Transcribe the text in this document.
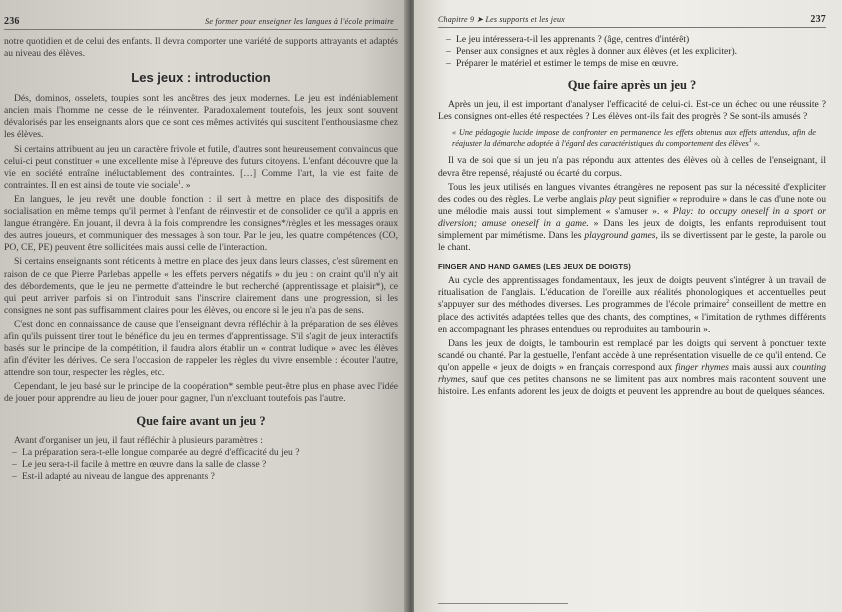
236	Se former pour enseigner les langues à l'école primaire

notre quotidien et de celui des enfants. Il devra comporter une variété de supports attrayants et adaptés au niveau des élèves.

Les jeux : introduction

Dés, dominos, osselets, toupies sont les ancêtres des jeux modernes. Le jeu est indéniablement ancien mais l'homme ne cesse de le réinventer. Paradoxalement toutefois, les jeux sont souvent dévalorisés par les enseignants alors que ce sont ces mêmes activités qui suscitent l'enthousiasme chez les élèves.

Si certains attribuent au jeu un caractère frivole et futile, d'autres sont heureusement convaincus que celui-ci peut constituer « une excellente mise à l'épreuve des futurs citoyens. L'enfant découvre que la vie en société entraîne inéluctablement des contraintes. […] Comme l'art, la vie est faite de contraintes. Il en est ainsi de toute vie sociale$^1$. »

En langues, le jeu revêt une double fonction : il sert à mettre en place des dispositifs de socialisation en même temps qu'il permet à l'enfant de réinvestir et de consolider ce qu'il a appris en langue étrangère. En jouant, il devra à la fois comprendre les consignes*/règles et les messages oraux des autres joueurs, et communiquer des messages à son tour. Par le jeu, les quatre compétences (CO, PO, CE, PE) peuvent être sollicitées mais aussi celle de l'interaction.

Si certains enseignants sont réticents à mettre en place des jeux dans leurs classes, c'est sûrement en raison de ce que Pierre Parlebas appelle « les effets pervers négatifs » du jeu : on craint qu'il n'y ait des débordements, que le jeu ne permette d'atteindre le but recherché (apprentissage et plaisir*), ce qui peut arriver parfois si on l'introduit sans l'inscrire clairement dans une progression, si les consignes ne sont pas suffisamment claires pour les élèves, ou encore si le jeu n'a pas de sens.

C'est donc en connaissance de cause que l'enseignant devra réfléchir à la préparation de ses élèves afin qu'ils puissent tirer tout le bénéfice du jeu en termes d'apprentissage. S'il s'agit de jeux interactifs basés sur le principe de la compétition, il faudra alors établir un « contrat ludique » avec les élèves afin d'éviter les dérives. Ce sera l'occasion de rappeler les règles du vivre ensemble : écouter l'autre, attendre son tour, respecter les règles, etc.

Cependant, le jeu basé sur le principe de la coopération* semble peut-être plus en phase avec l'idée de jouer pour apprendre au lieu de jouer pour gagner, l'un n'excluant toutefois pas l'autre.

Que faire avant un jeu ?

Avant d'organiser un jeu, il faut réfléchir à plusieurs paramètres :

– La préparation sera-t-elle longue comparée au degré d'efficacité du jeu ?
– Le jeu sera-t-il facile à mettre en œuvre dans la salle de classe ?
– Est-il adapté au niveau de langue des apprenants ?
Chapitre 9 ➤ Les supports et les jeux	237
– Le jeu intéressera-t-il les apprenants ? (âge, centres d'intérêt)
– Penser aux consignes et aux règles à donner aux élèves (et les expliciter).
– Préparer le matériel et estimer le temps de mise en œuvre.
Que faire après un jeu ?

Après un jeu, il est important d'analyser l'efficacité de celui-ci. Est-ce un échec ou une réussite ? Les consignes ont-elles été respectées ? Les élèves ont-ils fait des progrès ? Se sont-ils amusés ?

« Une pédagogie lucide impose de confronter en permanence les effets obtenus aux effets attendus, afin de réajuster la démarche adoptée à l'égard des caractéristiques du comportement des élèves$^1$ ».

Il va de soi que si un jeu n'a pas répondu aux attentes des élèves où à celles de l'enseignant, il devra être repensé, réajusté ou écarté du corpus.

Tous les jeux utilisés en langues vivantes étrangères ne reposent pas sur la nécessité d'expliciter des codes ou des règles. Le verbe anglais play peut signifier « reproduire » dans le cas d'une note ou une mélodie mais aussi tout simplement « s'amuser ». « Play: to occupy oneself in a sport or diversion; amuse oneself in a game. » Dans les jeux de doigts, les enfants reproduisent tout simplement par mimétisme. Dans les playground games, ils se divertissent par le geste, la parole ou le chant.

FINGER AND HAND GAMES (LES JEUX DE DOIGTS)

Au cycle des apprentissages fondamentaux, les jeux de doigts peuvent s'intégrer à un travail de ritualisation de l'anglais. L'éducation de l'oreille aux réalités phonologiques et accentuelles peut s'appuyer sur des méthodes diverses. Les programmes de l'école primaire$^2$ conseillent de mettre en place des activités adaptées telles que des chants, des comptines, « l'imitation de rythmes différents en accompagnant les phrases entendues ou reproduites au tambourin ».

Dans les jeux de doigts, le tambourin est remplacé par les doigts qui servent à ponctuer texte scandé ou chanté. Par la gestuelle, l'enfant accède à une représentation visuelle de ce qu'il entend. Ce qu'on appelle « jeux de doigts » en français correspond aux finger rhymes mais aussi aux counting rhymes, sauf que ces petites chansons ne se limitent pas aux nombres mais racontent souvent une histoire. Les enfants adorent les jeux de doigts et peuvent les apprendre au bout de quelques séances.
